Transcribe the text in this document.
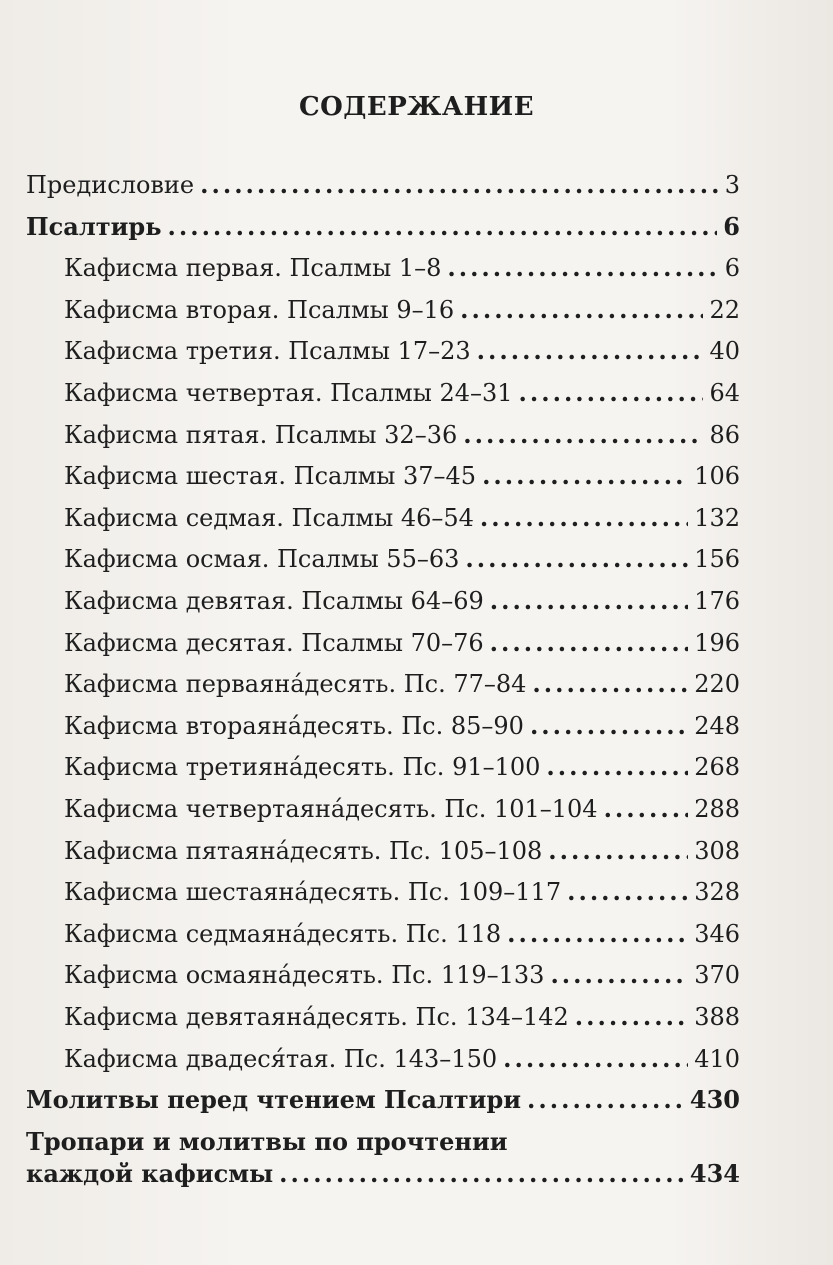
СОДЕРЖАНИЕ
Предисловие .....	3
Псалтирь .....	6
Кафисма первая. Псалмы 1–8 .....	6
Кафисма вторая. Псалмы 9–16 .....	22
Кафисма третия. Псалмы 17–23 .....	40
Кафисма четвертая. Псалмы 24–31 .....	64
Кафисма пятая. Псалмы 32–36 .....	86
Кафисма шестая. Псалмы 37–45 .....	106
Кафисма седмая. Псалмы 46–54 .....	132
Кафисма осмая. Псалмы 55–63 .....	156
Кафисма девятая. Псалмы 64–69 .....	176
Кафисма десятая. Псалмы 70–76 .....	196
Кафисма перваяна́десять. Пс. 77–84 .....	220
Кафисма втораяна́десять. Пс. 85–90 .....	248
Кафисма третияна́десять. Пс. 91–100 .....	268
Кафисма четвертаяна́десять. Пс. 101–104 .....	288
Кафисма пятаяна́десять. Пс. 105–108 .....	308
Кафисма шестаяна́десять. Пс. 109–117 .....	328
Кафисма седмаяна́десять. Пс. 118 .....	346
Кафисма осмаяна́десять. Пс. 119–133 .....	370
Кафисма девятаяна́десять. Пс. 134–142 .....	388
Кафисма двадеся́тая. Пс. 143–150 .....	410
Молитвы перед чтением Псалтири .....	430
Тропари и молитвы по прочтении
каждой кафисмы .....	434
